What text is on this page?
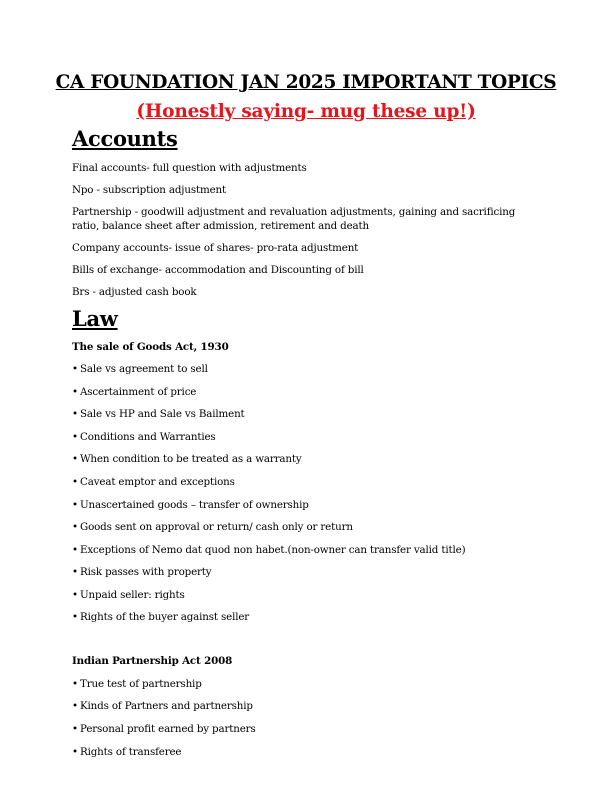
CA FOUNDATION JAN 2025 IMPORTANT TOPICS
(Honestly saying- mug these up!)
Accounts
Final accounts- full question with adjustments
Npo - subscription adjustment
Partnership - goodwill adjustment and revaluation adjustments, gaining and sacrificing ratio, balance sheet after admission, retirement and death
Company accounts- issue of shares- pro-rata adjustment
Bills of exchange- accommodation and Discounting of bill
Brs - adjusted cash book
Law
The sale of Goods Act, 1930
• Sale vs agreement to sell
• Ascertainment of price
• Sale vs HP and Sale vs Bailment
• Conditions and Warranties
• When condition to be treated as a warranty
• Caveat emptor and exceptions
• Unascertained goods – transfer of ownership
• Goods sent on approval or return/ cash only or return
• Exceptions of Nemo dat quod non habet.(non-owner can transfer valid title)
• Risk passes with property
• Unpaid seller: rights
• Rights of the buyer against seller
Indian Partnership Act 2008
• True test of partnership
• Kinds of Partners and partnership
• Personal profit earned by partners
• Rights of transferee
